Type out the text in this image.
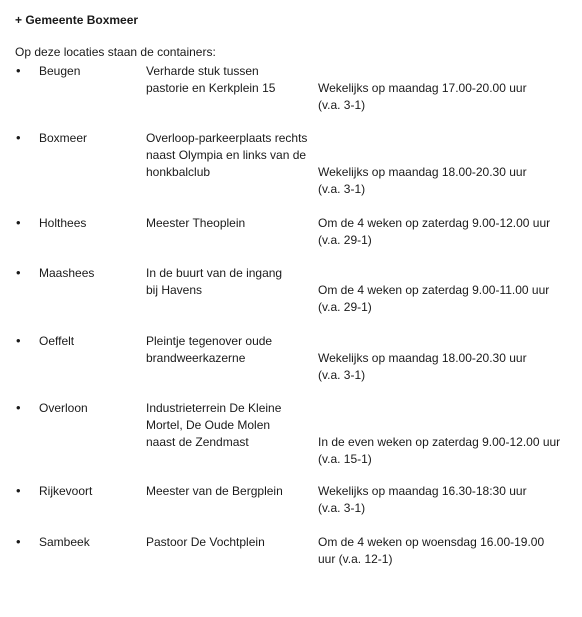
+ Gemeente Boxmeer
Op deze locaties staan de containers:
• Beugen	Verharde stuk tussen
pastorie en Kerkplein 15	Wekelijks op maandag 17.00-20.00 uur
(v.a. 3-1)
• Boxmeer	Overloop-parkeerplaats rechts
naast Olympia en links van de
honkbalclub	Wekelijks op maandag 18.00-20.30 uur
(v.a. 3-1)
• Holthees	Meester Theoplein	Om de 4 weken op zaterdag 9.00-12.00 uur
(v.a. 29-1)
• Maashees	In de buurt van de ingang
bij Havens	Om de 4 weken op zaterdag 9.00-11.00 uur
(v.a. 29-1)
• Oeffelt	Pleintje tegenover oude
brandweerkazerne	Wekelijks op maandag 18.00-20.30 uur
(v.a. 3-1)
• Overloon	Industrieterrein De Kleine
Mortel, De Oude Molen
naast de Zendmast	In de even weken op zaterdag 9.00-12.00 uur
(v.a. 15-1)
• Rijkevoort	Meester van de Bergplein	Wekelijks op maandag 16.30-18:30 uur
(v.a. 3-1)
• Sambeek	Pastoor De Vochtplein	Om de 4 weken op woensdag 16.00-19.00
uur (v.a. 12-1)
